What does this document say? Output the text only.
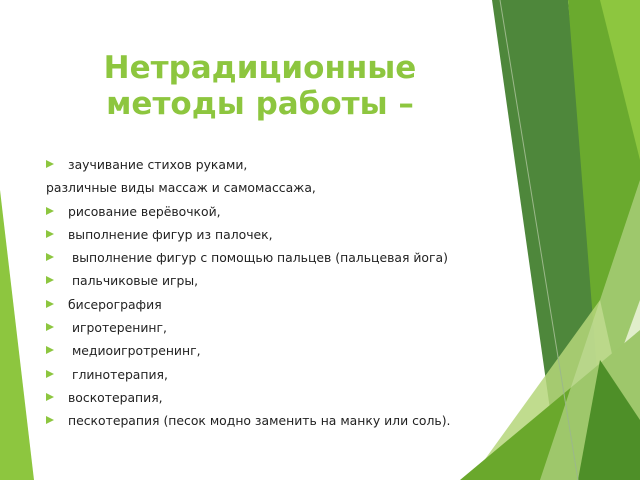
Нетрадиционные методы работы –
заучивание стихов руками,
различные виды массаж и самомассажа,
рисование верёвочкой,
выполнение фигур из палочек,
выполнение фигур с помощью пальцев (пальцевая йога)
пальчиковые игры,
бисерография
игротеренинг,
медиоигротренинг,
глинотерапия,
воскотерапия,
пескотерапия (песок модно заменить на манку или соль).
